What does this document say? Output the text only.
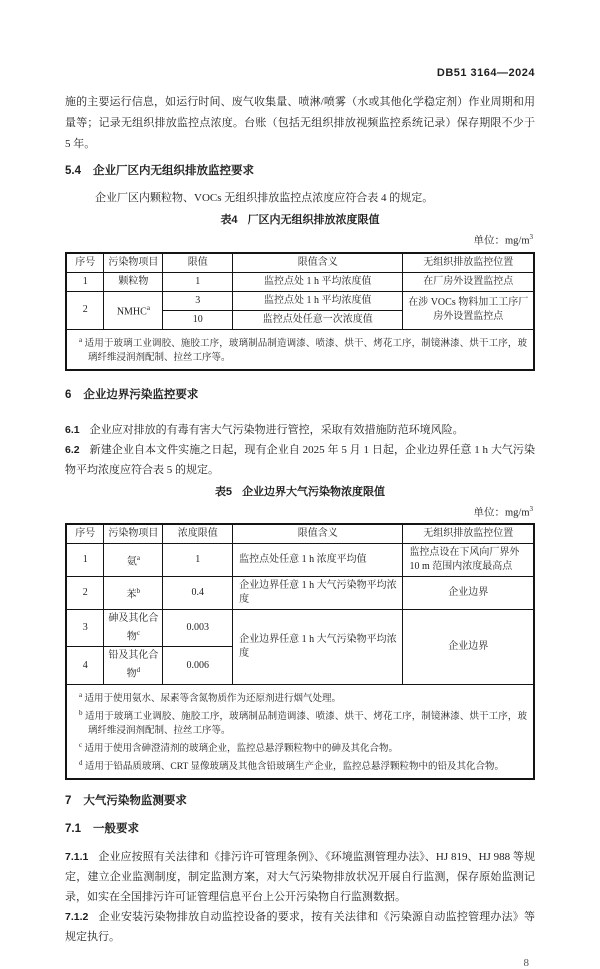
DB51 3164—2024

施的主要运行信息，如运行时间、废气收集量、喷淋/喷雾（水或其他化学稳定剂）作业周期和用量等；记录无组织排放监控点浓度。台账（包括无组织排放视频监控系统记录）保存期限不少于 5 年。

5.4 企业厂区内无组织排放监控要求

企业厂区内颗粒物、VOCs 无组织排放监控点浓度应符合表 4 的规定。

表4 厂区内无组织排放浓度限值
单位：$mg/m^3$
序号	污染物项目	限值	限值含义	无组织排放监控位置
1	颗粒物	1	监控点处 1 h 平均浓度值	在厂房外设置监控点
2	NMHC$^a$	3	监控点处 1 h 平均浓度值	在涉 VOCs 物料加工工序厂房外设置监控点
		10	监控点处任意一次浓度值	

$^a$ 适用于玻璃工业调胶、施胶工序，玻璃制品制造调漆、喷漆、烘干、烤花工序，制镜淋漆、烘干工序，玻璃纤维浸润剂配制、拉丝工序等。				
6 企业边界污染监控要求

6.1 企业应对排放的有毒有害大气污染物进行管控，采取有效措施防范环境风险。

6.2 新建企业自本文件实施之日起，现有企业自 2025 年 5 月 1 日起，企业边界任意 1 h 大气污染物平均浓度应符合表 5 的规定。

表5 企业边界大气污染物浓度限值
单位：$mg/m^3$
序号	污染物项目	浓度限值	限值含义	无组织排放监控位置
1	氨$^a$	1	监控点处任意 1 h 浓度平均值	监控点设在下风向厂界外 10 m 范围内浓度最高点
2	苯$^b$	0.4	企业边界任意 1 h 大气污染物平均浓度	企业边界
3	砷及其化合物$^c$	0.003	企业边界任意 1 h 大气污染物平均浓度	企业边界
4	铅及其化合物$^d$	0.006		

$^a$ 适用于使用氨水、尿素等含氮物质作为还原剂进行烟气处理。
$^b$ 适用于玻璃工业调胶、施胶工序，玻璃制品制造调漆、喷漆、烘干、烤花工序，制镜淋漆、烘干工序，玻璃纤维浸润剂配制、拉丝工序等。
$^c$ 适用于使用含砷澄清剂的玻璃企业，监控总悬浮颗粒物中的砷及其化合物。
$^d$ 适用于铅晶质玻璃、CRT 显像玻璃及其他含铅玻璃生产企业，监控总悬浮颗粒物中的铅及其化合物。				
7 大气污染物监测要求
7.1 一般要求

7.1.1 企业应按照有关法律和《排污许可管理条例》、《环境监测管理办法》、HJ 819、HJ 988 等规定，建立企业监测制度，制定监测方案，对大气污染物排放状况开展自行监测，保存原始监测记录，如实在全国排污许可证管理信息平台上公开污染物自行监测数据。

7.1.2 企业安装污染物排放自动监控设备的要求，按有关法律和《污染源自动监控管理办法》等规定执行。

8
